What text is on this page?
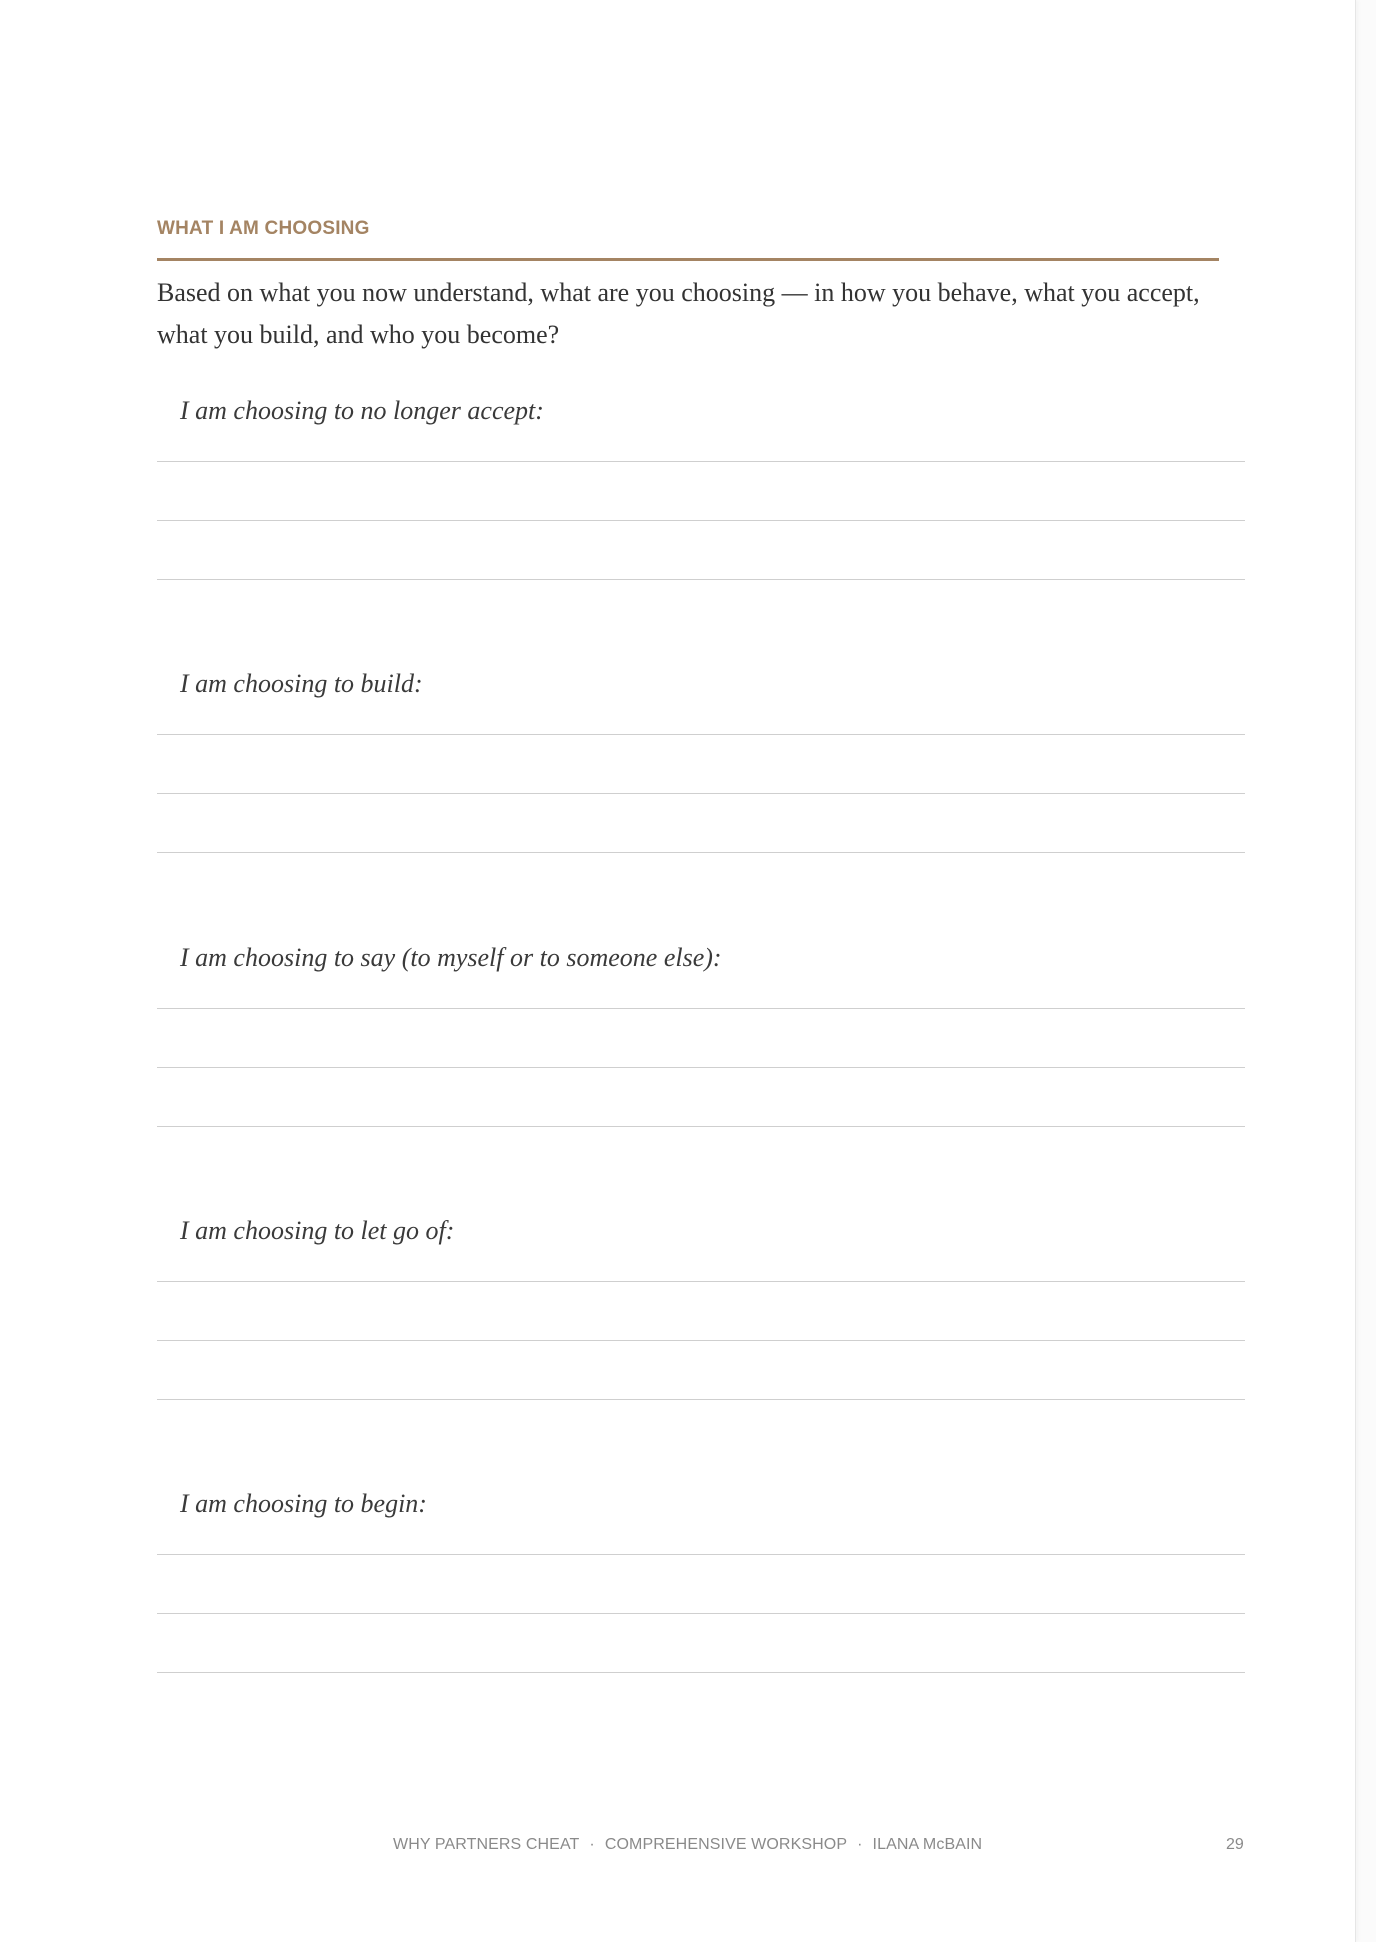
WHAT I AM CHOOSING

Based on what you now understand, what are you choosing — in how you behave, what you accept, what you build, and who you become?

I am choosing to no longer accept:

I am choosing to build:

I am choosing to say (to myself or to someone else):

I am choosing to let go of:

I am choosing to begin:

WHY PARTNERS CHEAT · COMPREHENSIVE WORKSHOP · ILANA McBAIN	29
